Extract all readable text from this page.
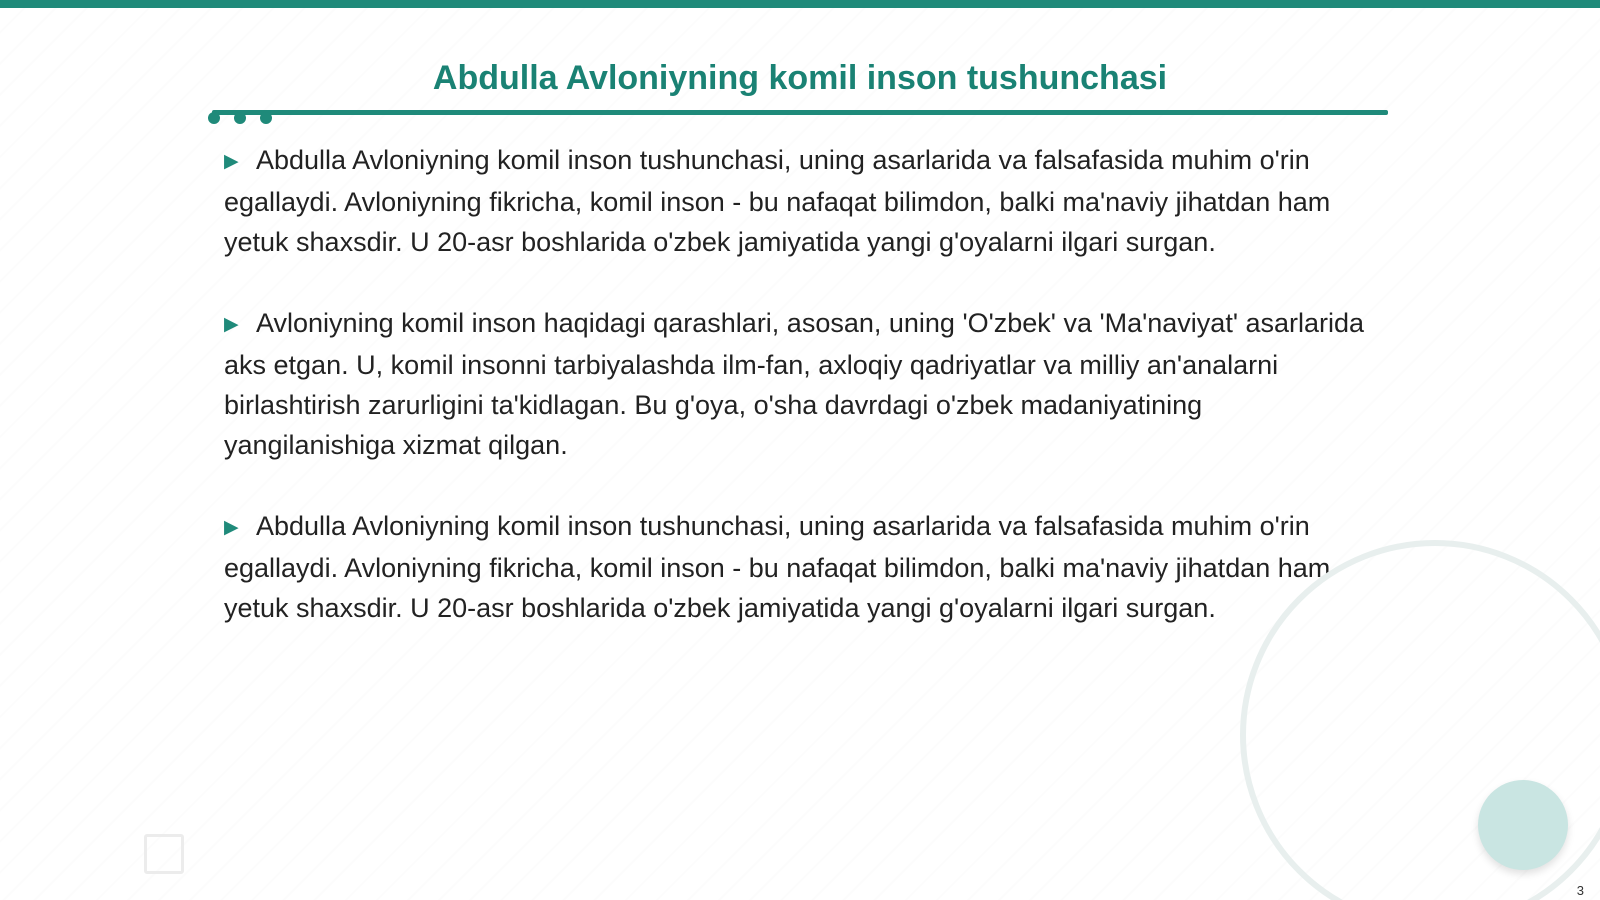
Abdulla Avloniyning komil inson tushunchasi

▶ Abdulla Avloniyning komil inson tushunchasi, uning asarlarida va falsafasida muhim o'rin egallaydi. Avloniyning fikricha, komil inson - bu nafaqat bilimdon, balki ma'naviy jihatdan ham yetuk shaxsdir. U 20-asr boshlarida o'zbek jamiyatida yangi g'oyalarni ilgari surgan.

▶ Avloniyning komil inson haqidagi qarashlari, asosan, uning 'O'zbek' va 'Ma'naviyat' asarlarida aks etgan. U, komil insonni tarbiyalashda ilm-fan, axloqiy qadriyatlar va milliy an'analarni birlashtirish zarurligini ta'kidlagan. Bu g'oya, o'sha davrdagi o'zbek madaniyatining yangilanishiga xizmat qilgan.

▶ Abdulla Avloniyning komil inson tushunchasi, uning asarlarida va falsafasida muhim o'rin egallaydi. Avloniyning fikricha, komil inson - bu nafaqat bilimdon, balki ma'naviy jihatdan ham yetuk shaxsdir. U 20-asr boshlarida o'zbek jamiyatida yangi g'oyalarni ilgari surgan.

3
